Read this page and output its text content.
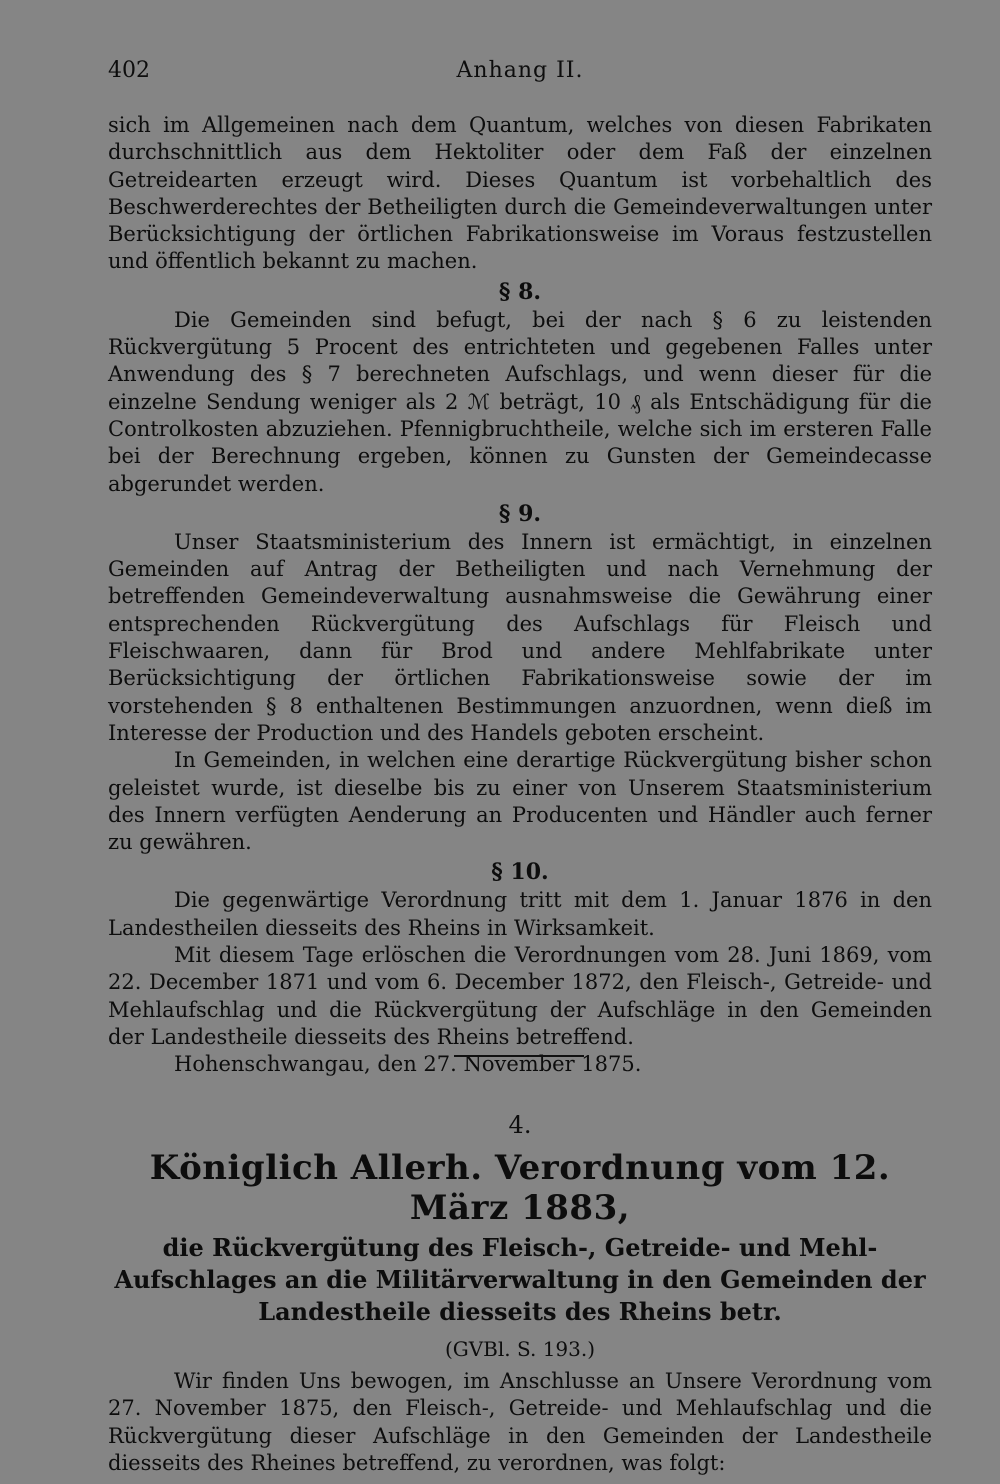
402	Anhang II.

sich im Allgemeinen nach dem Quantum, welches von diesen Fabrikaten durchschnittlich aus dem Hektoliter oder dem Faß der einzelnen Getreidearten erzeugt wird. Dieses Quantum ist vorbehaltlich des Beschwerderechtes der Betheiligten durch die Gemeindeverwaltungen unter Berücksichtigung der örtlichen Fabrikationsweise im Voraus festzustellen und öffentlich bekannt zu machen.

§ 8.

Die Gemeinden sind befugt, bei der nach § 6 zu leistenden Rückvergütung 5 Procent des entrichteten und gegebenen Falles unter Anwendung des § 7 berechneten Aufschlags, und wenn dieser für die einzelne Sendung weniger als 2 ℳ beträgt, 10 ₰ als Entschädigung für die Controlkosten abzuziehen. Pfennigbruchtheile, welche sich im ersteren Falle bei der Berechnung ergeben, können zu Gunsten der Gemeindecasse abgerundet werden.

§ 9.

Unser Staatsministerium des Innern ist ermächtigt, in einzelnen Gemeinden auf Antrag der Betheiligten und nach Vernehmung der betreffenden Gemeindeverwaltung ausnahmsweise die Gewährung einer entsprechenden Rückvergütung des Aufschlags für Fleisch und Fleischwaaren, dann für Brod und andere Mehlfabrikate unter Berücksichtigung der örtlichen Fabrikationsweise sowie der im vorstehenden § 8 enthaltenen Bestimmungen anzuordnen, wenn dieß im Interesse der Production und des Handels geboten erscheint.

In Gemeinden, in welchen eine derartige Rückvergütung bisher schon geleistet wurde, ist dieselbe bis zu einer von Unserem Staatsministerium des Innern verfügten Aenderung an Producenten und Händler auch ferner zu gewähren.

§ 10.

Die gegenwärtige Verordnung tritt mit dem 1. Januar 1876 in den Landestheilen diesseits des Rheins in Wirksamkeit.

Mit diesem Tage erlöschen die Verordnungen vom 28. Juni 1869, vom 22. December 1871 und vom 6. December 1872, den Fleisch-, Getreide- und Mehlaufschlag und die Rückvergütung der Aufschläge in den Gemeinden der Landestheile diesseits des Rheins betreffend.

Hohenschwangau, den 27. November 1875.

4.
Königlich Allerh. Verordnung vom 12. März 1883,
die Rückvergütung des Fleisch-, Getreide- und Mehl-Aufschlages an die Militärverwaltung in den Gemeinden der Landestheile diesseits des Rheins betr.
(GVBl. S. 193.)

Wir finden Uns bewogen, im Anschlusse an Unsere Verordnung vom 27. November 1875, den Fleisch-, Getreide- und Mehlaufschlag und die Rückvergütung dieser Aufschläge in den Gemeinden der Landestheile diesseits des Rheines betreffend, zu verordnen, was folgt:
